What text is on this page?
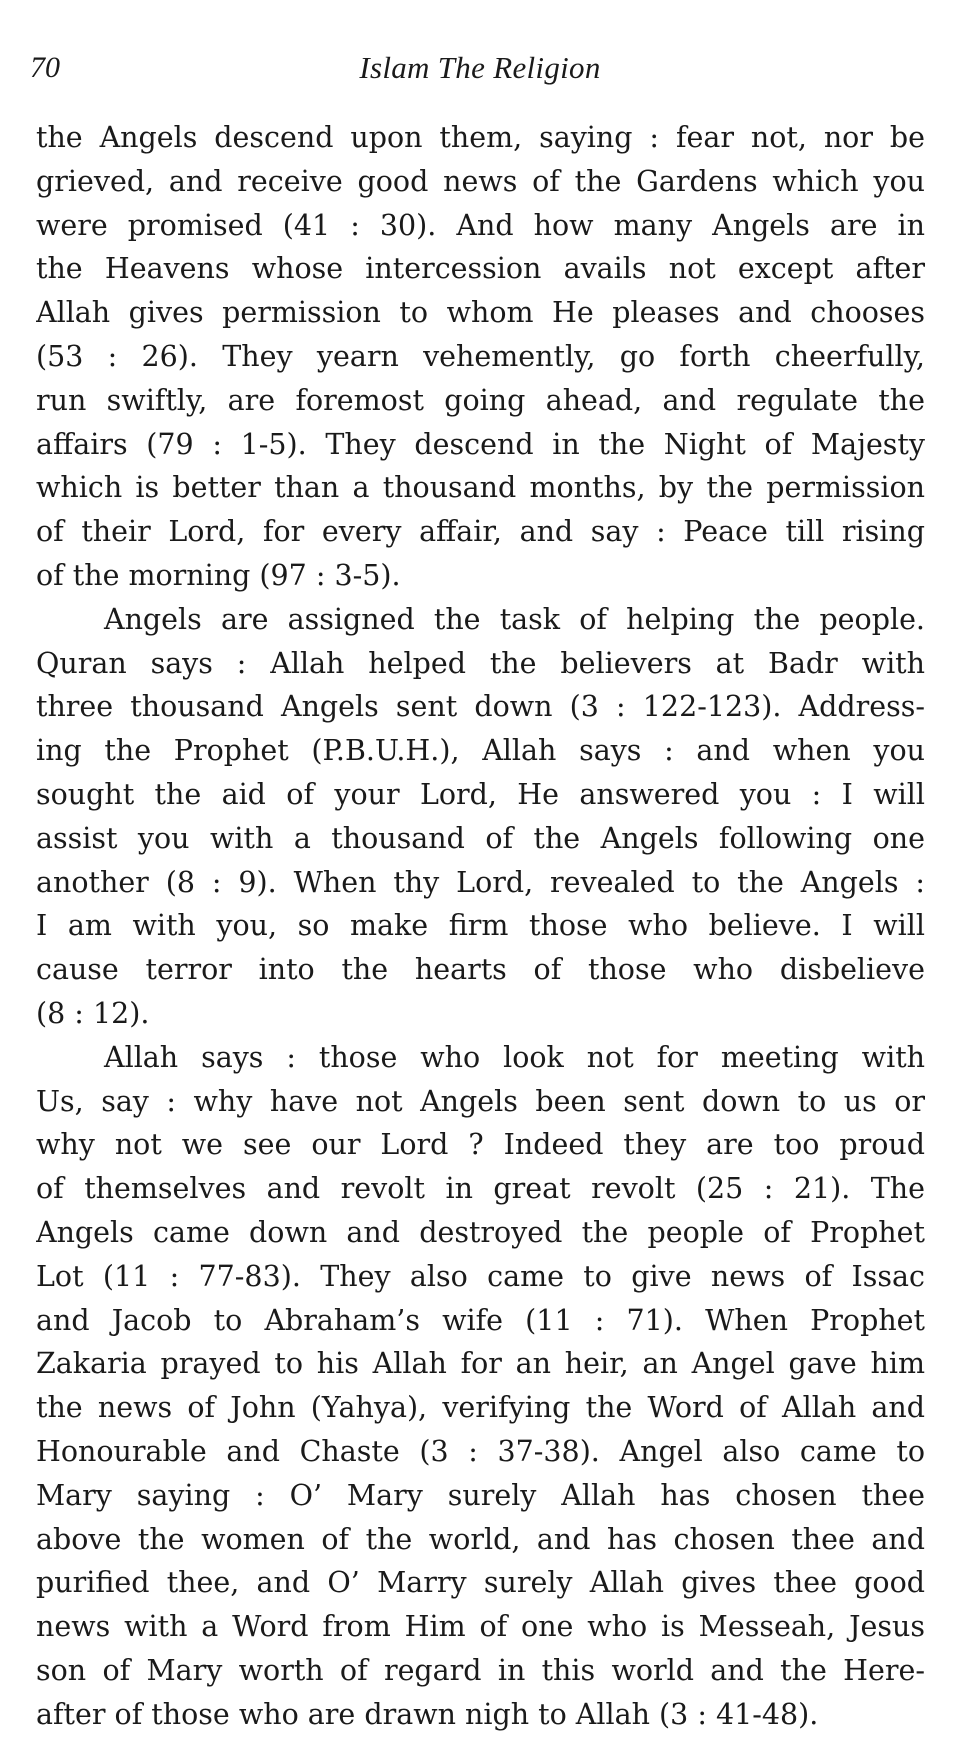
70	Islam The Religion
the Angels descend upon them, saying : fear not, nor be
grieved, and receive good news of the Gardens which you
were promised (41 : 30). And how many Angels are in
the Heavens whose intercession avails not except after
Allah gives permission to whom He pleases and chooses
(53 : 26). They yearn vehemently, go forth cheerfully,
run swiftly, are foremost going ahead, and regulate the
affairs (79 : 1-5). They descend in the Night of Majesty
which is better than a thousand months, by the permission
of their Lord, for every affair, and say : Peace till rising
of the morning (97 : 3-5).
Angels are assigned the task of helping the people.
Quran says : Allah helped the believers at Badr with
three thousand Angels sent down (3 : 122-123). Address-
ing the Prophet (P.B.U.H.), Allah says : and when you
sought the aid of your Lord, He answered you : I will
assist you with a thousand of the Angels following one
another (8 : 9). When thy Lord, revealed to the Angels :
I am with you, so make firm those who believe. I will
cause terror into the hearts of those who disbelieve
(8 : 12).
Allah says : those who look not for meeting with
Us, say : why have not Angels been sent down to us or
why not we see our Lord ? Indeed they are too proud
of themselves and revolt in great revolt (25 : 21). The
Angels came down and destroyed the people of Prophet
Lot (11 : 77-83). They also came to give news of Issac
and Jacob to Abraham’s wife (11 : 71). When Prophet
Zakaria prayed to his Allah for an heir, an Angel gave him
the news of John (Yahya), verifying the Word of Allah and
Honourable and Chaste (3 : 37-38). Angel also came to
Mary saying : O’ Mary surely Allah has chosen thee
above the women of the world, and has chosen thee and
purified thee, and O’ Marry surely Allah gives thee good
news with a Word from Him of one who is Messeah, Jesus
son of Mary worth of regard in this world and the Here-
after of those who are drawn nigh to Allah (3 : 41-48).
